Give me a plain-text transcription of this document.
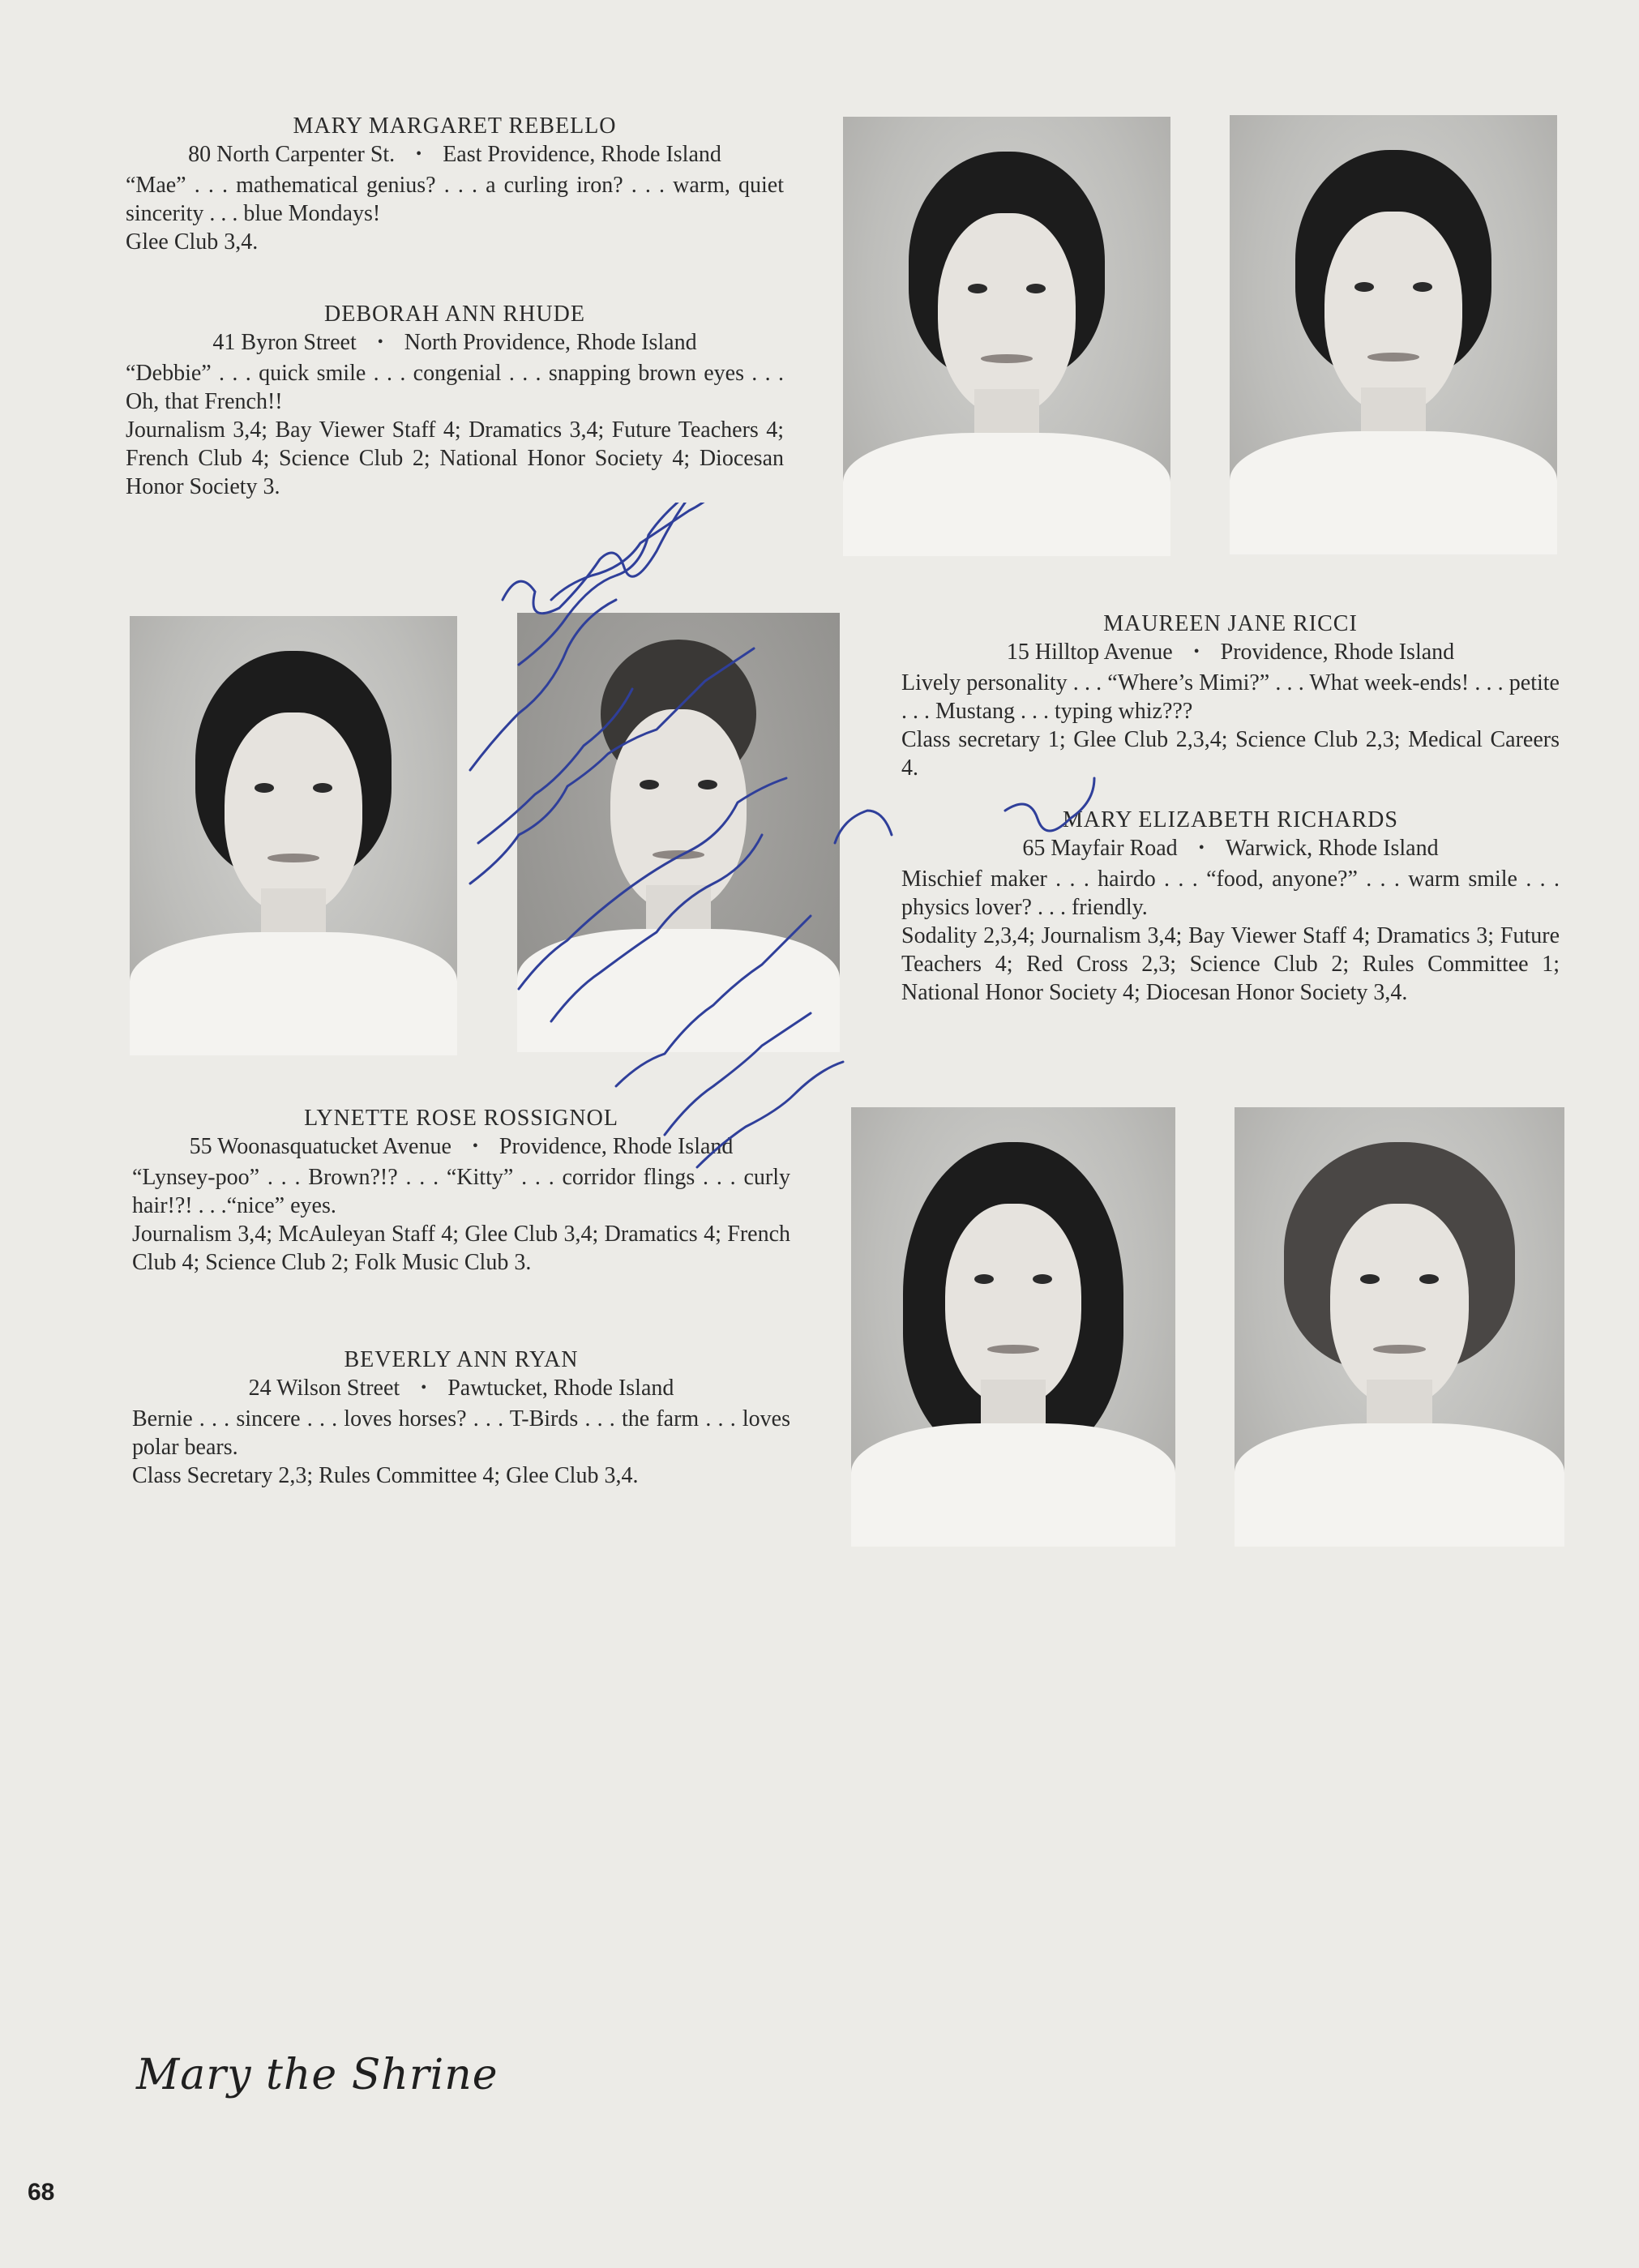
MARY MARGARET REBELLO
80 North Carpenter St. • East Providence, Rhode Island
“Mae” . . . mathematical genius? . . . a curling iron? . . . warm, quiet sincerity . . . blue Mondays!
Glee Club 3,4.
DEBORAH ANN RHUDE
41 Byron Street • North Providence, Rhode Island
“Debbie” . . . quick smile . . . congenial . . . snapping brown eyes . . . Oh, that French!!
Journalism 3,4; Bay Viewer Staff 4; Dramatics 3,4; Future Teachers 4; French Club 4; Science Club 2; National Honor Society 4; Diocesan Honor Society 3.
MAUREEN JANE RICCI
15 Hilltop Avenue • Providence, Rhode Island
Lively personality . . . “Where’s Mimi?” . . . What week-ends! . . . petite . . . Mustang . . . typing whiz???
Class secretary 1; Glee Club 2,3,4; Science Club 2,3; Medical Careers 4.
MARY ELIZABETH RICHARDS
65 Mayfair Road • Warwick, Rhode Island
Mischief maker . . . hairdo . . . “food, anyone?” . . . warm smile . . . physics lover? . . . friendly.
Sodality 2,3,4; Journalism 3,4; Bay Viewer Staff 4; Dramatics 3; Future Teachers 4; Red Cross 2,3; Science Club 2; Rules Committee 1; National Honor Society 4; Diocesan Honor Society 3,4.
LYNETTE ROSE ROSSIGNOL
55 Woonasquatucket Avenue • Providence, Rhode Island
“Lynsey-poo” . . . Brown?!? . . . “Kitty” . . . corridor flings . . . curly hair!?! . . .“nice” eyes.
Journalism 3,4; McAuleyan Staff 4; Glee Club 3,4; Dramatics 4; French Club 4; Science Club 2; Folk Music Club 3.
BEVERLY ANN RYAN
24 Wilson Street • Pawtucket, Rhode Island
Bernie . . . sincere . . . loves horses? . . . T-Birds . . . the farm . . . loves polar bears.
Class Secretary 2,3; Rules Committee 4; Glee Club 3,4.
Mary the Shrine
68
